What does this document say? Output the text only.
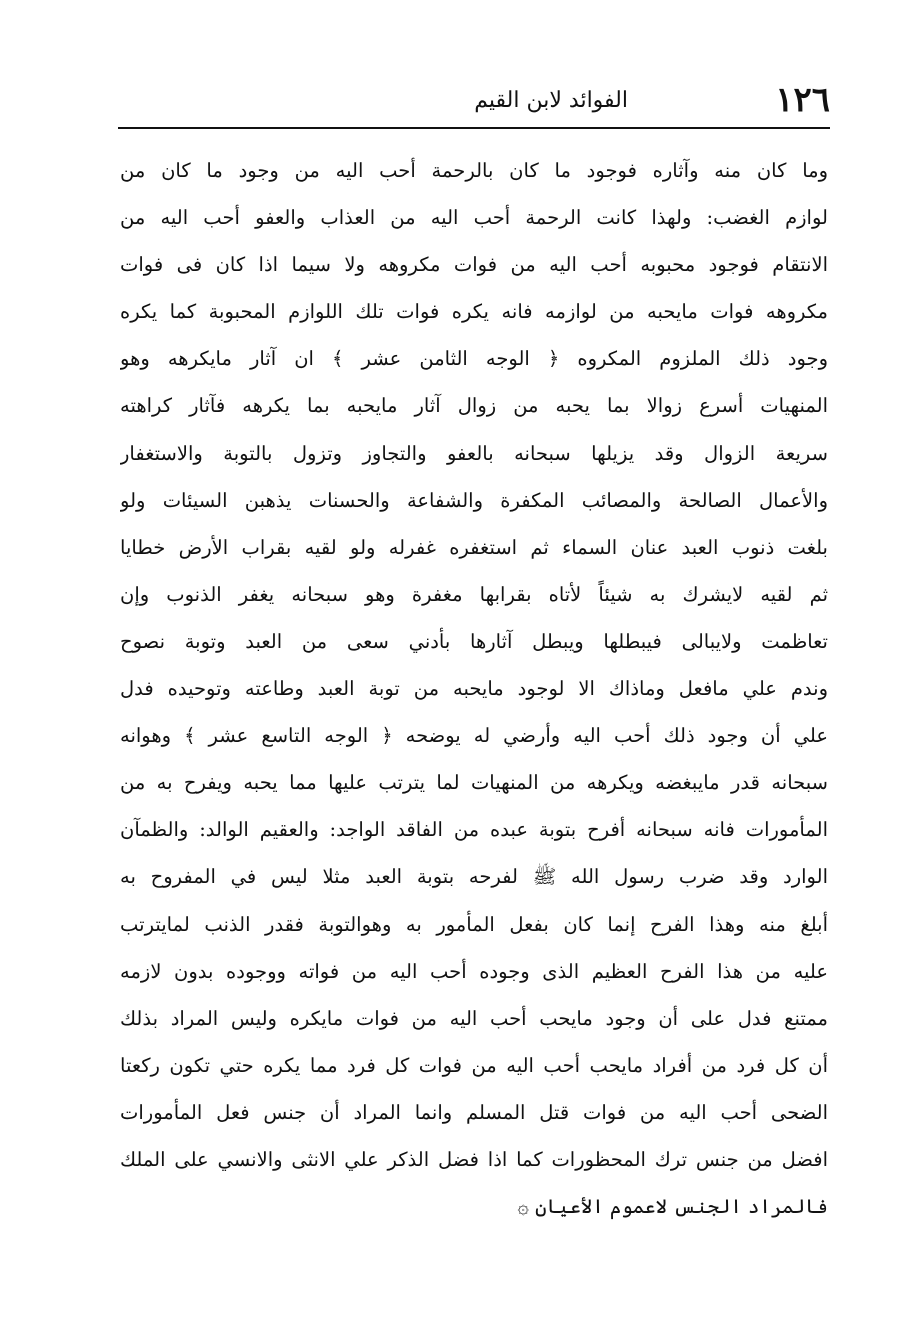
١٢٦
الفوائد لابن القيم
وما كان منه وآثاره فوجود ما كان بالرحمة أحب اليه من وجود ما كان من
لوازم الغضب: ولهذا كانت الرحمة أحب اليه من العذاب والعفو أحب اليه من
الانتقام فوجود محبوبه أحب اليه من فوات مكروهه ولا سيما اذا كان فى فوات
مكروهه فوات مايحبه من لوازمه فانه يكره فوات تلك اللوازم المحبوبة كما يكره
وجود ذلك الملزوم المكروه ﴿ الوجه الثامن عشر ﴾ ان آثار مايكرهه وهو
المنهيات أسرع زوالا بما يحبه من زوال آثار مايحبه بما يكرهه فآثار كراهته
سريعة الزوال وقد يزيلها سبحانه بالعفو والتجاوز وتزول بالتوبة والاستغفار
والأعمال الصالحة والمصائب المكفرة والشفاعة والحسنات يذهبن السيئات ولو
بلغت ذنوب العبد عنان السماء ثم استغفره غفرله ولو لقيه بقراب الأرض خطايا
ثم لقيه لايشرك به شيئاً لأتاه بقرابها مغفرة وهو سبحانه يغفر الذنوب وإن
تعاظمت ولايبالى فيبطلها ويبطل آثارها بأدني سعى من العبد وتوبة نصوح
وندم علي مافعل وماذاك الا لوجود مايحبه من توبة العبد وطاعته وتوحيده فدل
علي أن وجود ذلك أحب اليه وأرضي له يوضحه ﴿ الوجه التاسع عشر ﴾ وهوانه
سبحانه قدر مايبغضه ويكرهه من المنهيات لما يترتب عليها مما يحبه ويفرح به من
المأمورات فانه سبحانه أفرح بتوبة عبده من الفاقد الواجد: والعقيم الوالد: والظمآن
الوارد وقد ضرب رسول الله ﷺ لفرحه بتوبة العبد مثلا ليس في المفروح به
أبلغ منه وهذا الفرح إنما كان بفعل المأمور به وهوالتوبة فقدر الذنب لمايترتب
عليه من هذا الفرح العظيم الذى وجوده أحب اليه من فواته ووجوده بدون لازمه
ممتنع فدل على أن وجود مايحب أحب اليه من فوات مايكره وليس المراد بذلك
أن كل فرد من أفراد مايحب أحب اليه من فوات كل فرد مما يكره حتي تكون ركعتا
الضحى أحب اليه من فوات قتل المسلم وانما المراد أن جنس فعل المأمورات
افضل من جنس ترك المحظورات كما اذا فضل الذكر علي الانثى والانسي على الملك
فالمراد الجنس لاعموم الأعيان ۞
